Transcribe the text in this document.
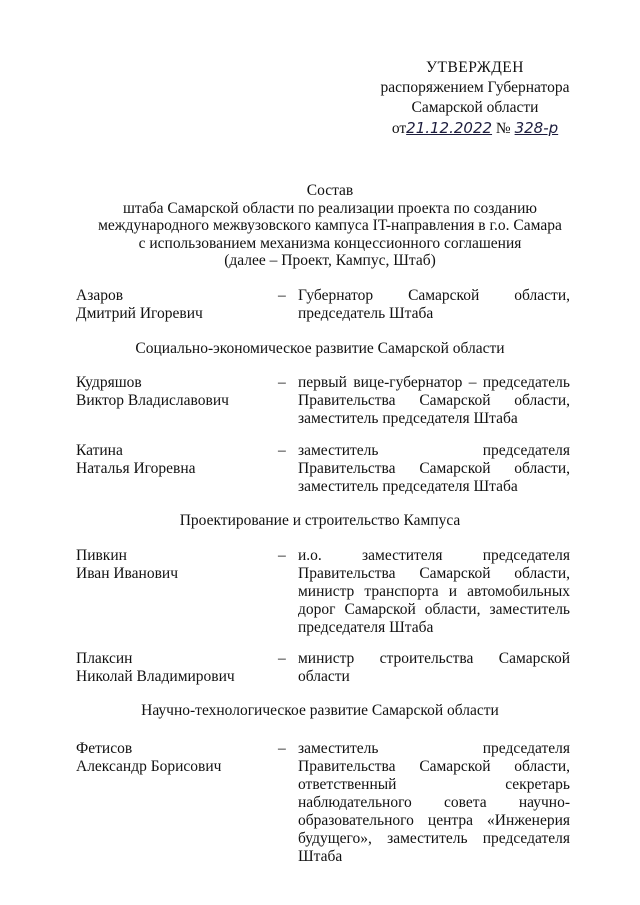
УТВЕРЖДЕН
распоряжением Губернатора
Самарской области
от21.12.2022 № 328-р
Состав
штаба Самарской области по реализации проекта по созданию
международного межвузовского кампуса IT-направления в г.о. Самара
с использованием механизма концессионного соглашения
(далее – Проект, Кампус, Штаб)
Азаров
Дмитрий Игоревич
– Губернатор Самарской области, председатель Штаба
Социально-экономическое развитие Самарской области
Кудряшов
Виктор Владиславович
– первый вице-губернатор – председатель Правительства Самарской области, заместитель председателя Штаба
Катина
Наталья Игоревна
– заместитель председателя Правительства Самарской области, заместитель председателя Штаба
Проектирование и строительство Кампуса
Пивкин
Иван Иванович
– и.о. заместителя председателя Правительства Самарской области, министр транспорта и автомобильных дорог Самарской области, заместитель председателя Штаба
Плаксин
Николай Владимирович
– министр строительства Самарской области
Научно-технологическое развитие Самарской области
Фетисов
Александр Борисович
– заместитель председателя Правительства Самарской области, ответственный секретарь наблюдательного совета научно-образовательного центра «Инженерия будущего», заместитель председателя Штаба
